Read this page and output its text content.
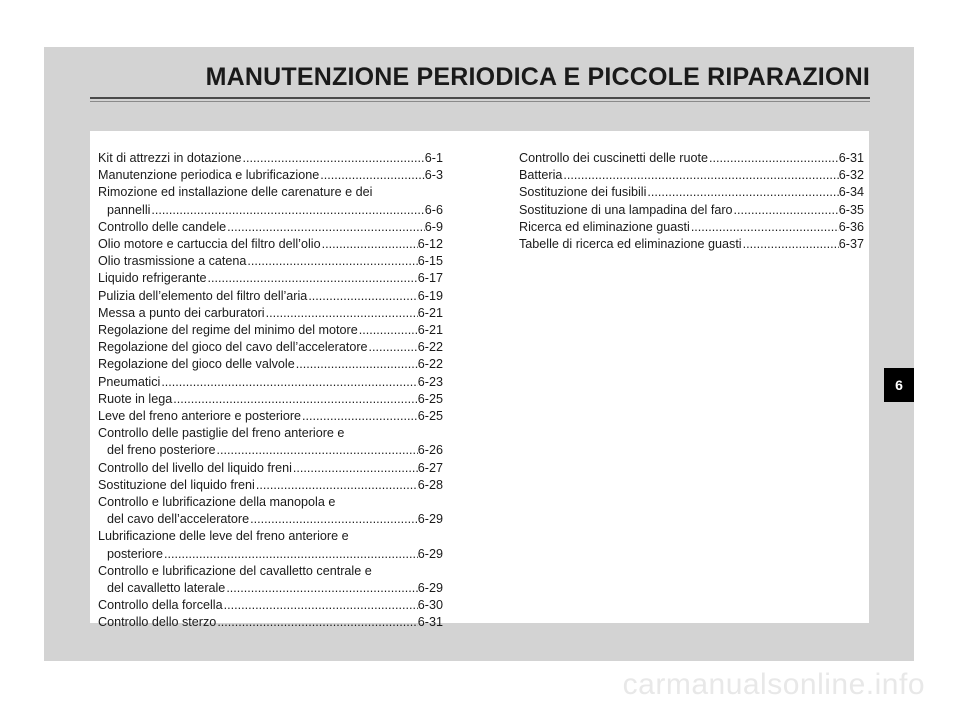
MANUTENZIONE PERIODICA E PICCOLE RIPARAZIONI
Kit di attrezzi in dotazione .....	6-1
Manutenzione periodica e lubrificazione .....	6-3
Rimozione ed installazione delle carenature e dei
pannelli .....	6-6
Controllo delle candele .....	6-9
Olio motore e cartuccia del filtro dell’olio .....	6-12
Olio trasmissione a catena .....	6-15
Liquido refrigerante .....	6-17
Pulizia dell’elemento del filtro dell’aria .....	6-19
Messa a punto dei carburatori .....	6-21
Regolazione del regime del minimo del motore .....	6-21
Regolazione del gioco del cavo dell’acceleratore .....	6-22
Regolazione del gioco delle valvole .....	6-22
Pneumatici .....	6-23
Ruote in lega .....	6-25
Leve del freno anteriore e posteriore .....	6-25
Controllo delle pastiglie del freno anteriore e
del freno posteriore .....	6-26
Controllo del livello del liquido freni .....	6-27
Sostituzione del liquido freni .....	6-28
Controllo e lubrificazione della manopola e
del cavo dell’acceleratore .....	6-29
Lubrificazione delle leve del freno anteriore e
posteriore .....	6-29
Controllo e lubrificazione del cavalletto centrale e
del cavalletto laterale .....	6-29
Controllo della forcella .....	6-30
Controllo dello sterzo .....	6-31
Controllo dei cuscinetti delle ruote .....	6-31
Batteria .....	6-32
Sostituzione dei fusibili .....	6-34
Sostituzione di una lampadina del faro .....	6-35
Ricerca ed eliminazione guasti .....	6-36
Tabelle di ricerca ed eliminazione guasti .....	6-37
6
carmanualsonline.info
